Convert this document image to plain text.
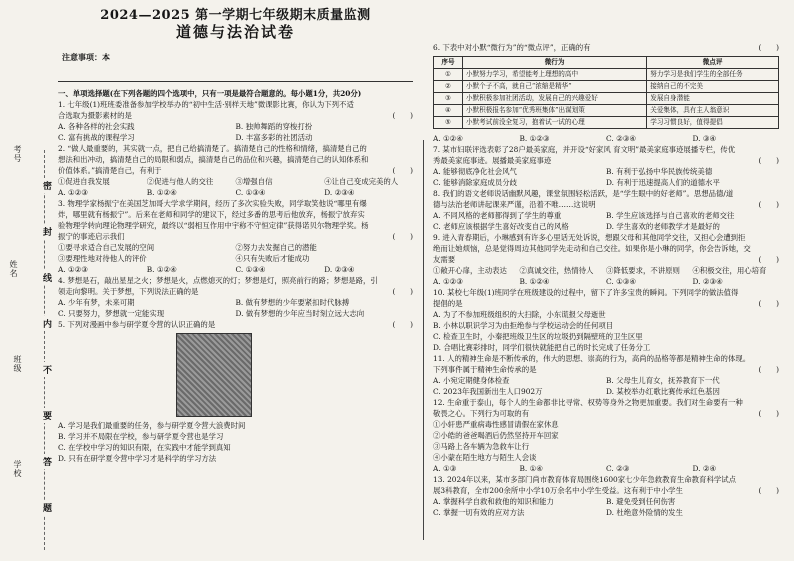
考号
姓名
班级
学校
密
封
线
内
不
要
答
题
2024—2025 第一学期七年级期末质量监测
道德与法治试卷
注意事项：本

一、单项选择题(在下列各题的四个选项中，只有一项是最符合题意的。每小题1分，共20分)

1. 七年级(1)班班委准备参加学校举办的“初中生活·别样天地”微课影比赛，你认为下列不适

合选取为摄影素材的是	(　　)

A. 各种各样的社会实践	B. 独帅舞蹈的穿梭打扮
C. 富有挑战的课程学习	D. 丰富多彩的社团活动

2. “做人最重要的，其实就一点，把自己给搞清楚了。搞清楚自己的性格和情绪，搞清楚自己的

想法和出冲动，搞清楚自己的局限和弱点，搞清楚自己的品位和兴趣，搞清楚自己的认知体系和

价值体系。”搞清楚自己，有利于	(　　)

①促进自我发展	②促进与他人的交往	③增强自信	④让自己变成完美的人
A. ①②③	B. ①②④	C. ①③④	D. ②③④

3. 物理学家杨振宁在美国芝加哥大学求学期间，经历了多次实验失败，同学取笑他说“哪里有爆

炸，哪里就有杨振宁”。后来在老师和同学的建议下，经过多番的思考后他放弃，杨振宁放弃实

验物理学转向理论物理学研究，最终以“弱相互作用中宇称不守恒定律”获得诺贝尔物理学奖。杨

振宁的事迹启示我们	(　　)

①要寻求适合自己发展的空间	②努力去发掘自己的潜能
③要理性地对待他人的评价	④只有失败后才能成功
A. ①②③	B. ①②④	C. ①③④	D. ②③④

4. 梦想是石，敲出星星之火；梦想是火，点燃熄灭的灯；梦想是灯，照亮前行的路；梦想是路，引

领走向黎明。关于梦想，下列说法正确的是	(　　)

A. 少年有梦，未来可期	B. 做有梦想的少年要紧扣时代脉搏
C. 只要努力，梦想就一定能实现	D. 做有梦想的少年应当时刻立远大志向

5. 下列对漫画中参与研学夏令营的认识正确的是	(　　)

A. 学习是我们最重要的任务，参与研学夏令营大浪费时间
B. 学习并不局限在学校，参与研学夏令营也是学习
C. 在学校中学习的知识有限，在实践中才能学到真知
D. 只有在研学夏令营中学习才是科学的学习方法

6. 下表中对小默“微行为”的“微点评”，正确的有	(　　)

序号	微行为	微点评
①	小默努力学习，希望能考上理想的高中	努力学习是我们学生的全部任务
②	小默个子不高，就自己“浓缩是精华”	接纳自己的不完美
③	小默积极参加社团活动，发展自己的兴趣爱好	发展自身潜能
④	小默积极报名参加“优秀班集体”出谋划策	关爱集体，具有主人翁意识
⑤	小默考试前没全复习，抱着试一试的心理	学习习惯良好，值得提倡
A. ①②④	B. ①②③	C. ②③④	D. ③④

7. 某市妇联评选表彰了28户最美家庭，并开设“好家风 育文明”最美家庭事迹展播专栏，传优

秀最美家庭事迹。展播最美家庭事迹	(　　)

A. 能够彻底净化社会风气	B. 有利于弘扬中华民族传统美德
C. 能够消除家庭成员分歧	D. 有利于迅速提高人们的道德水平

8. 我们的语文老师说话幽默风趣，课堂氛围轻松活跃，是“学生眼中的好老师”。思想品德/道

德与法治老师讲起课来严谨，沿着不唯……这说明	(　　)

A. 不同风格的老师都得到了学生的尊重	B. 学生应该选择与自己喜欢的老师交往
C. 老师应该根据学生喜好改变自己的风格	D. 学生喜欢的老师教学才是最好的

9. 进入青春期后，小琳感到有许多心里话无处诉说，想跟父母和其他同学交往，又担心会遭到拒

绝而让她烦恼，总是觉得周边其他同学先走动和自己交往。如果你是小琳的同学，你会告诉她，交

友需要	(　　)

①敞开心扉，主动表达	②真诚交往，热情待人	③降低要求，不讲原则	④积极交往，用心培育
A. ①②③	B. ①②④	C. ①③④	D. ②③④

10. 某校七年级(1)班同学在班级建设的过程中，留下了许多宝贵的瞬间。下列同学的做法值得

提倡的是	(　　)

A. 为了不参加班级组织的大扫除，小东谎报父母逝世
B. 小林以职识学习为由拒绝参与学校运动会的任何项目
C. 检查卫生时，小秦把班级卫生区的垃圾扔到隔壁班的卫生区里
D. 合唱比赛彩排时，同学们很快就能把自己的时长完成了任务分工

11. 人的精神生命是不断传承的，伟大的思想、崇高的行为，高尚的品格等都是精神生命的体现。

下列事件属于精神生命传承的是	(　　)

A. 小宛定期健身体检查	B. 父母生儿育女，抚养教育下一代
C. 2023年我国新出生人口902万	D. 某校举办红歌比赛传承红色基因

12. 生命重于泰山，每个人的生命都非比寻常、权势等身外之物更加重要。我们对生命要有一种

敬畏之心。下列行为可取的有	(　　)

①小轩患严重病毒性感冒请假在家休息
②小皓的爸爸喝酒后仍然坚持开车回家
③马路上各车辆为急救车让行
④小蒙在陌生地方与陌生人会谈
A. ①③	B. ①④	C. ②③	D. ②④

13. 2024年以来，某市多部门尚市教育体育局围绕1600家七少年急救教育生命教育科学试点

展3科教育，全市200余所中小学10万余名中小学生受益。这有利于中小学生	(　　)

A. 掌握科学自救和救他的知识和能力	B. 避免受到任何伤害
C. 掌握一切有效的应对方法	D. 杜绝意外险情的发生
